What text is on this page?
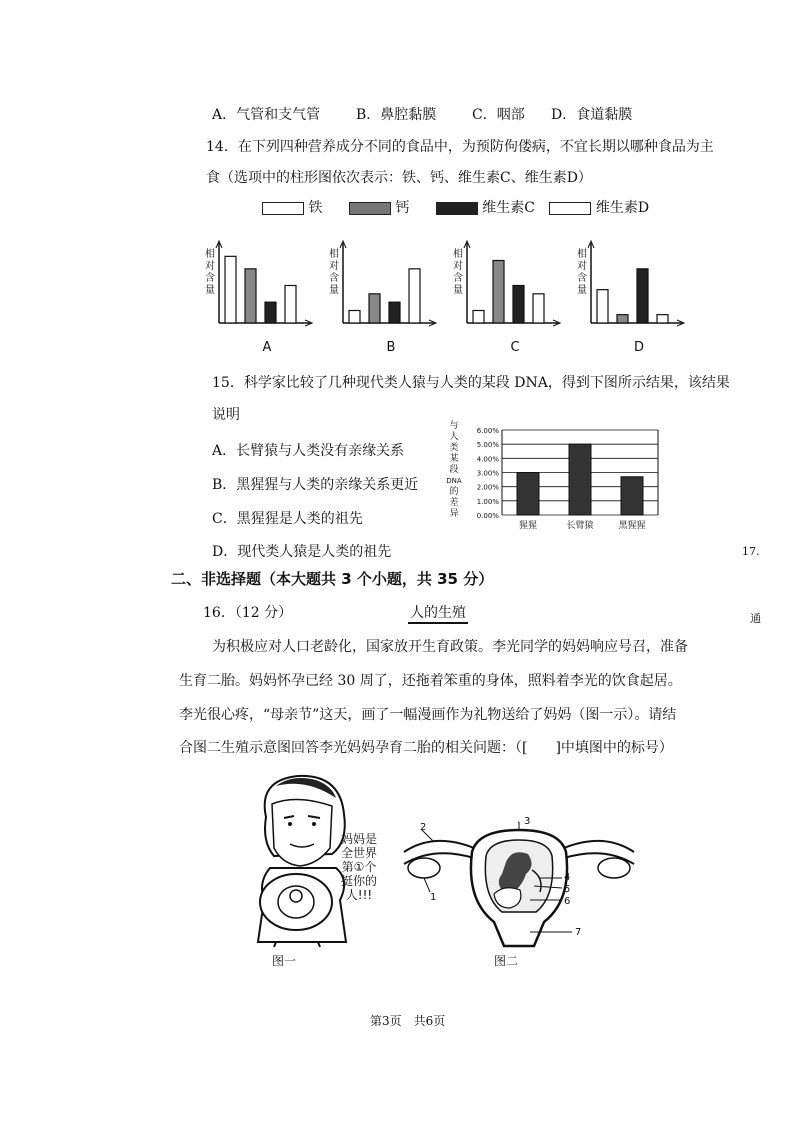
A．气管和支气管	B．鼻腔黏膜	C．咽部 D．食道黏膜
14．在下列四种营养成分不同的食品中，为预防佝偻病，不宜长期以哪种食品为主
食（选项中的柱形图依次表示：铁、钙、维生素C、维生素D）
铁	钙	维生素C	维生素D
相
对
含
量
A
相
对
含
量
B
相
对
含
量
C
相
对
含
量
D
15．科学家比较了几种现代类人猿与人类的某段 DNA，得到下图所示结果，该结果
说明
A．长臂猿与人类没有亲缘关系
B．黑猩猩与人类的亲缘关系更近
C．黑猩猩是人类的祖先
D．现代类人猿是人类的祖先
与
人
类
某
段
DNA
的
差
异	0.00%
1.00%
2.00%
3.00%
4.00%
5.00%
6.00%
猩猩	长臂猿	黑猩猩
17.
通
二、非选择题（本大题共 3 个小题，共 35 分）
16．（12 分）	人的生殖
为积极应对人口老龄化，国家放开生育政策。李光同学的妈妈响应号召，准备
生育二胎。妈妈怀孕已经 30 周了，还拖着笨重的身体，照料着李光的饮食起居。
李光很心疼，“母亲节”这天，画了一幅漫画作为礼物送给了妈妈（图一示）。请结
合图二生殖示意图回答李光妈妈孕育二胎的相关问题：（[　　]中填图中的标号）
妈妈是
全世界
第①个
挺你的
人!!!
图一
2
3
1
4
5
6
7
图二
第3页　共6页
